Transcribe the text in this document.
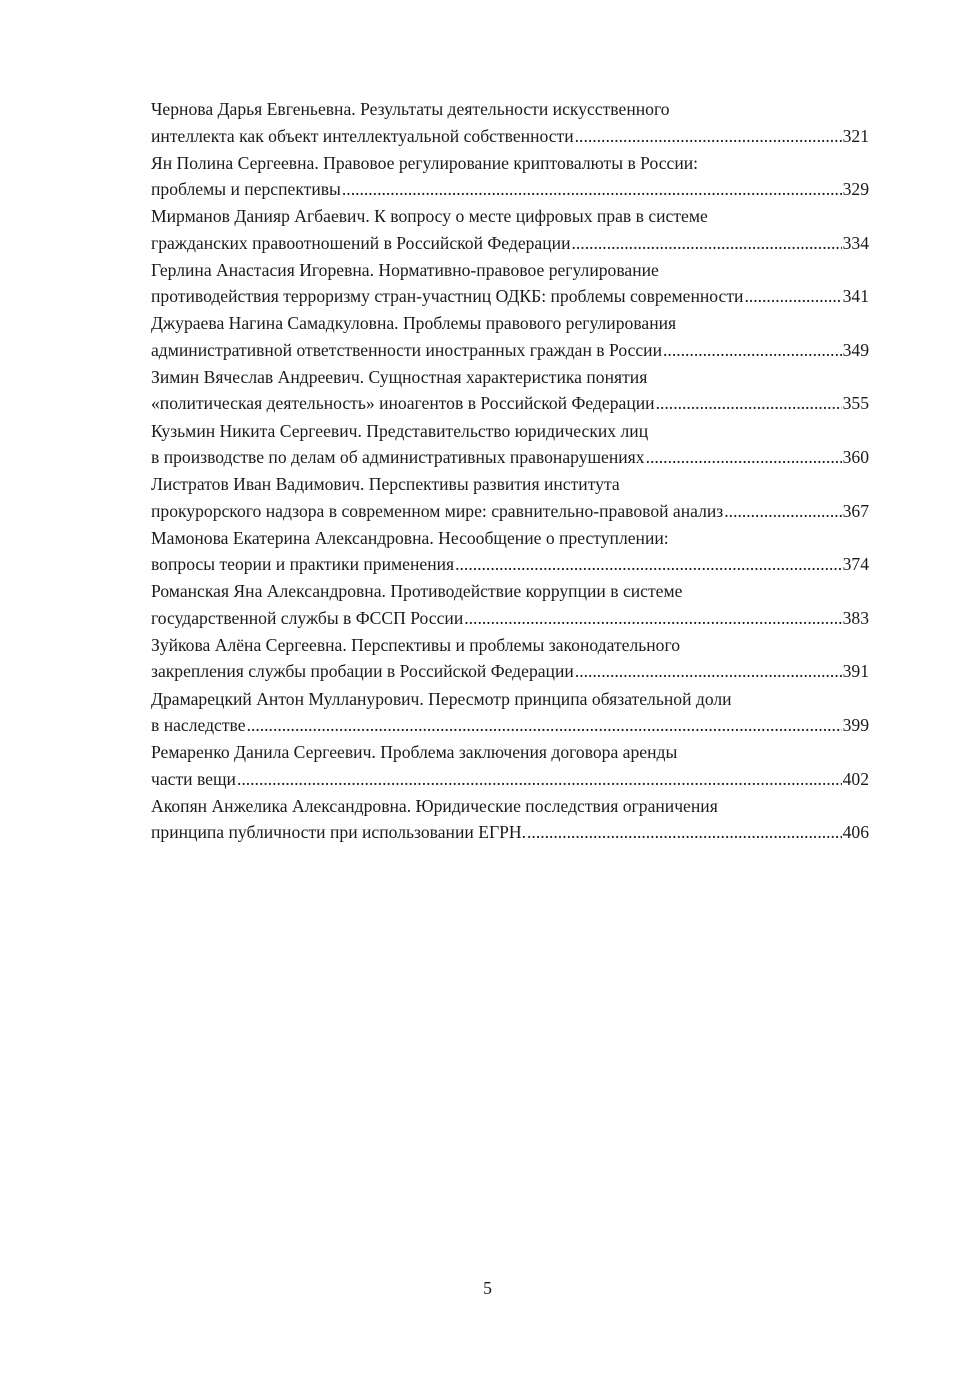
Чернова Дарья Евгеньевна. Результаты деятельности искусственного
интеллекта как объект интеллектуальной собственности .....	321
Ян Полина Сергеевна. Правовое регулирование криптовалюты в России:
проблемы и перспективы .....	329
Мирманов Данияр Агбаевич. К вопросу о месте цифровых прав в системе
гражданских правоотношений в Российской Федерации .....	334
Герлина Анастасия Игоревна. Нормативно-правовое регулирование
противодействия терроризму стран-участниц ОДКБ: проблемы современности .....	341
Джураева Нагина Самадкуловна. Проблемы правового регулирования
административной ответственности иностранных граждан в России .....	349
Зимин Вячеслав Андреевич. Сущностная характеристика понятия
«политическая деятельность» иноагентов в Российской Федерации .....	355
Кузьмин Никита Сергеевич. Представительство юридических лиц
в производстве по делам об административных правонарушениях .....	360
Листратов Иван Вадимович. Перспективы развития института
прокурорского надзора в современном мире: сравнительно-правовой анализ .....	367
Мамонова Екатерина Александровна. Несообщение о преступлении:
вопросы теории и практики применения .....	374
Романская Яна Александровна. Противодействие коррупции в системе
государственной службы в ФССП России .....	383
Зуйкова Алёна Сергеевна. Перспективы и проблемы законодательного
закрепления службы пробации в Российской Федерации .....	391
Драмарецкий Антон Мулланурович. Пересмотр принципа обязательной доли
в наследстве .....	399
Ремаренко Данила Сергеевич. Проблема заключения договора аренды
части вещи .....	402
Акопян Анжелика Александровна. Юридические последствия ограничения
принципа публичности при использовании ЕГРН. .....	406
5
